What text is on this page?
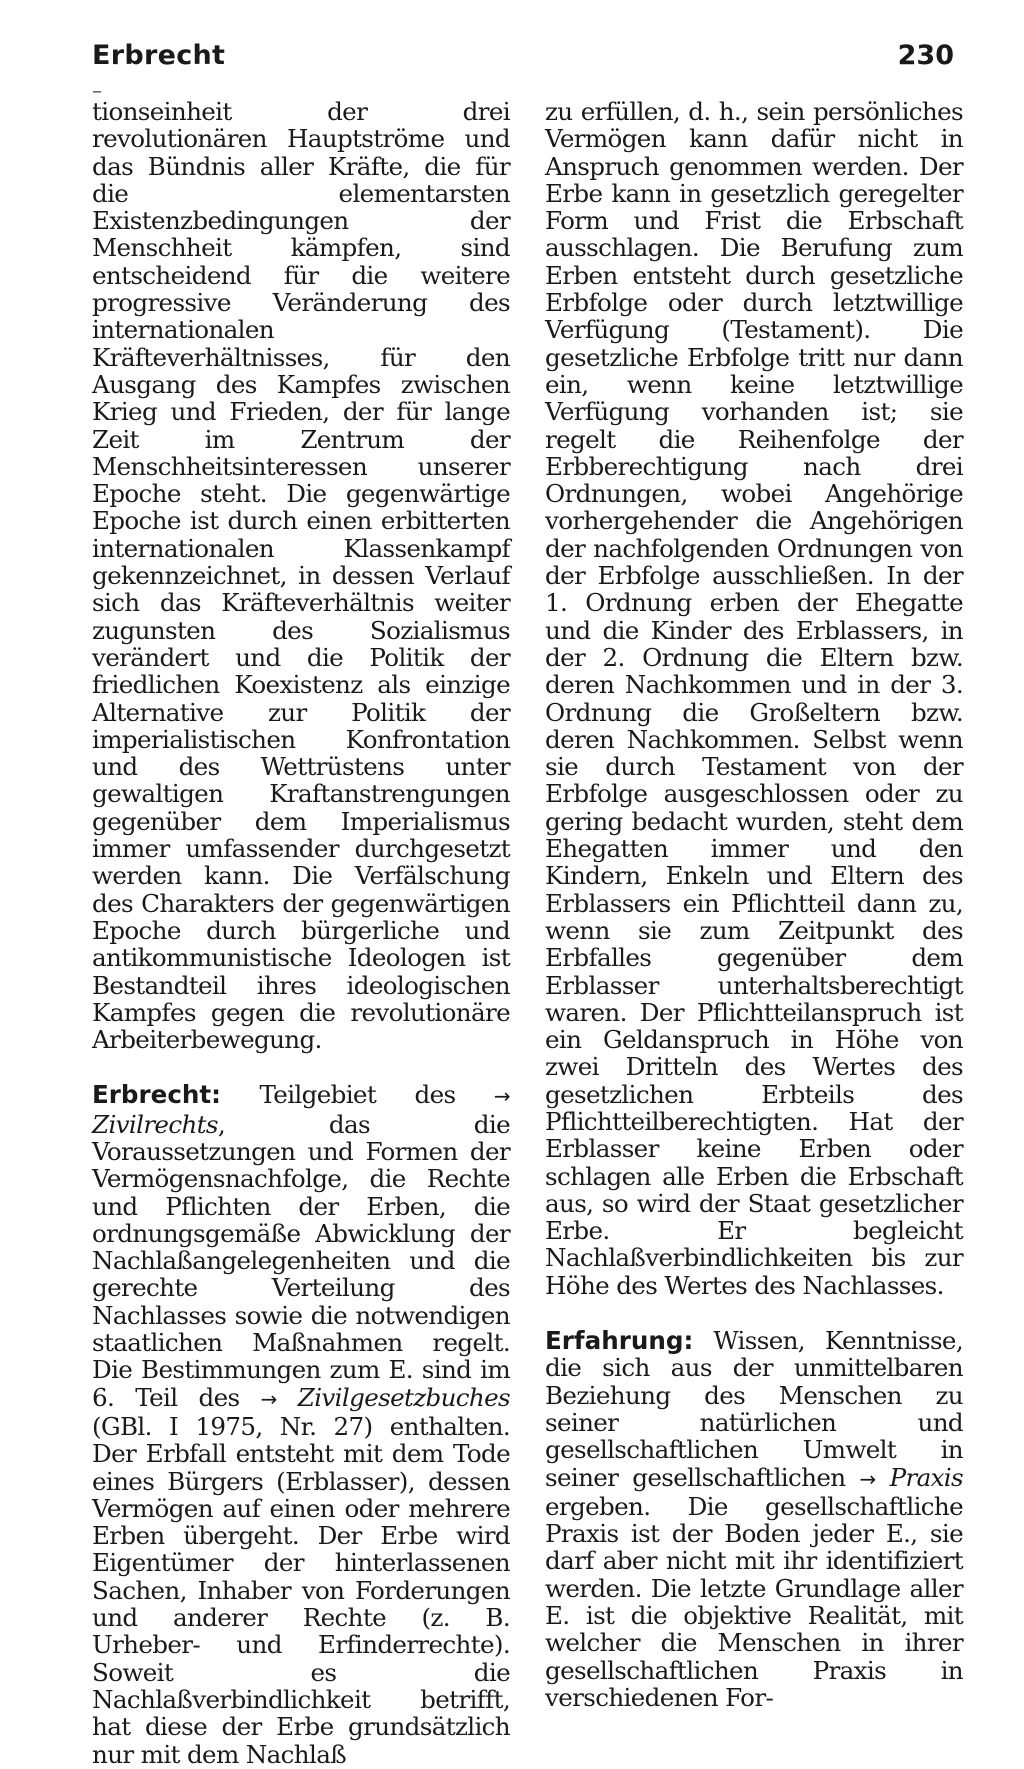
Erbrecht	230
–

tionseinheit der drei revolutionären Hauptströme und das Bündnis aller Kräfte, die für die elementarsten Existenzbedingungen der Menschheit kämpfen, sind entscheidend für die weitere progressive Veränderung des internationalen Kräfteverhältnisses, für den Ausgang des Kampfes zwischen Krieg und Frieden, der für lange Zeit im Zentrum der Menschheitsinteressen unserer Epoche steht. Die gegenwärtige Epoche ist durch einen erbitterten internationalen Klassenkampf gekennzeichnet, in dessen Verlauf sich das Kräfteverhältnis weiter zugunsten des Sozialismus verändert und die Politik der friedlichen Koexistenz als einzige Alternative zur Politik der imperialistischen Konfrontation und des Wettrüstens unter gewaltigen Kraftanstrengungen gegenüber dem Imperialismus immer umfassender durchgesetzt werden kann. Die Verfälschung des Charakters der gegenwärtigen Epoche durch bürgerliche und antikommunistische Ideologen ist Bestandteil ihres ideologischen Kampfes gegen die revolutionäre Arbeiterbewegung.

Erbrecht: Teilgebiet des → Zivilrechts, das die Voraussetzungen und Formen der Vermögensnachfolge, die Rechte und Pflichten der Erben, die ordnungsgemäße Abwicklung der Nachlaßangelegenheiten und die gerechte Verteilung des Nachlasses sowie die notwendigen staatlichen Maßnahmen regelt. Die Bestimmungen zum E. sind im 6. Teil des → Zivilgesetzbuches (GBl. I 1975, Nr. 27) enthalten. Der Erbfall entsteht mit dem Tode eines Bürgers (Erblasser), dessen Vermögen auf einen oder mehrere Erben übergeht. Der Erbe wird Eigentümer der hinterlassenen Sachen, Inhaber von Forderungen und anderer Rechte (z. B. Urheber- und Erfinderrechte). Soweit es die Nachlaßverbindlichkeit betrifft, hat diese der Erbe grundsätzlich nur mit dem Nachlaß

zu erfüllen, d. h., sein persönliches Vermögen kann dafür nicht in Anspruch genommen werden. Der Erbe kann in gesetzlich geregelter Form und Frist die Erbschaft ausschlagen. Die Berufung zum Erben entsteht durch gesetzliche Erbfolge oder durch letztwillige Verfügung (Testament). Die gesetzliche Erbfolge tritt nur dann ein, wenn keine letztwillige Verfügung vorhanden ist; sie regelt die Reihenfolge der Erbberechtigung nach drei Ordnungen, wobei Angehörige vorhergehender die Angehörigen der nachfolgenden Ordnungen von der Erbfolge ausschließen. In der 1. Ordnung erben der Ehegatte und die Kinder des Erblassers, in der 2. Ordnung die Eltern bzw. deren Nachkommen und in der 3. Ordnung die Großeltern bzw. deren Nachkommen. Selbst wenn sie durch Testament von der Erbfolge ausgeschlossen oder zu gering bedacht wurden, steht dem Ehegatten immer und den Kindern, Enkeln und Eltern des Erblassers ein Pflichtteil dann zu, wenn sie zum Zeitpunkt des Erbfalles gegenüber dem Erblasser unterhaltsberechtigt waren. Der Pflichtteilanspruch ist ein Geldanspruch in Höhe von zwei Dritteln des Wertes des gesetzlichen Erbteils des Pflichtteilberechtigten. Hat der Erblasser keine Erben oder schlagen alle Erben die Erbschaft aus, so wird der Staat gesetzlicher Erbe. Er begleicht Nachlaßverbindlichkeiten bis zur Höhe des Wertes des Nachlasses.

Erfahrung: Wissen, Kenntnisse, die sich aus der unmittelbaren Beziehung des Menschen zu seiner natürlichen und gesellschaftlichen Umwelt in seiner gesellschaftlichen → Praxis ergeben. Die gesellschaftliche Praxis ist der Boden jeder E., sie darf aber nicht mit ihr identifiziert werden. Die letzte Grundlage aller E. ist die objektive Realität, mit welcher die Menschen in ihrer gesellschaftlichen Praxis in verschiedenen For-
